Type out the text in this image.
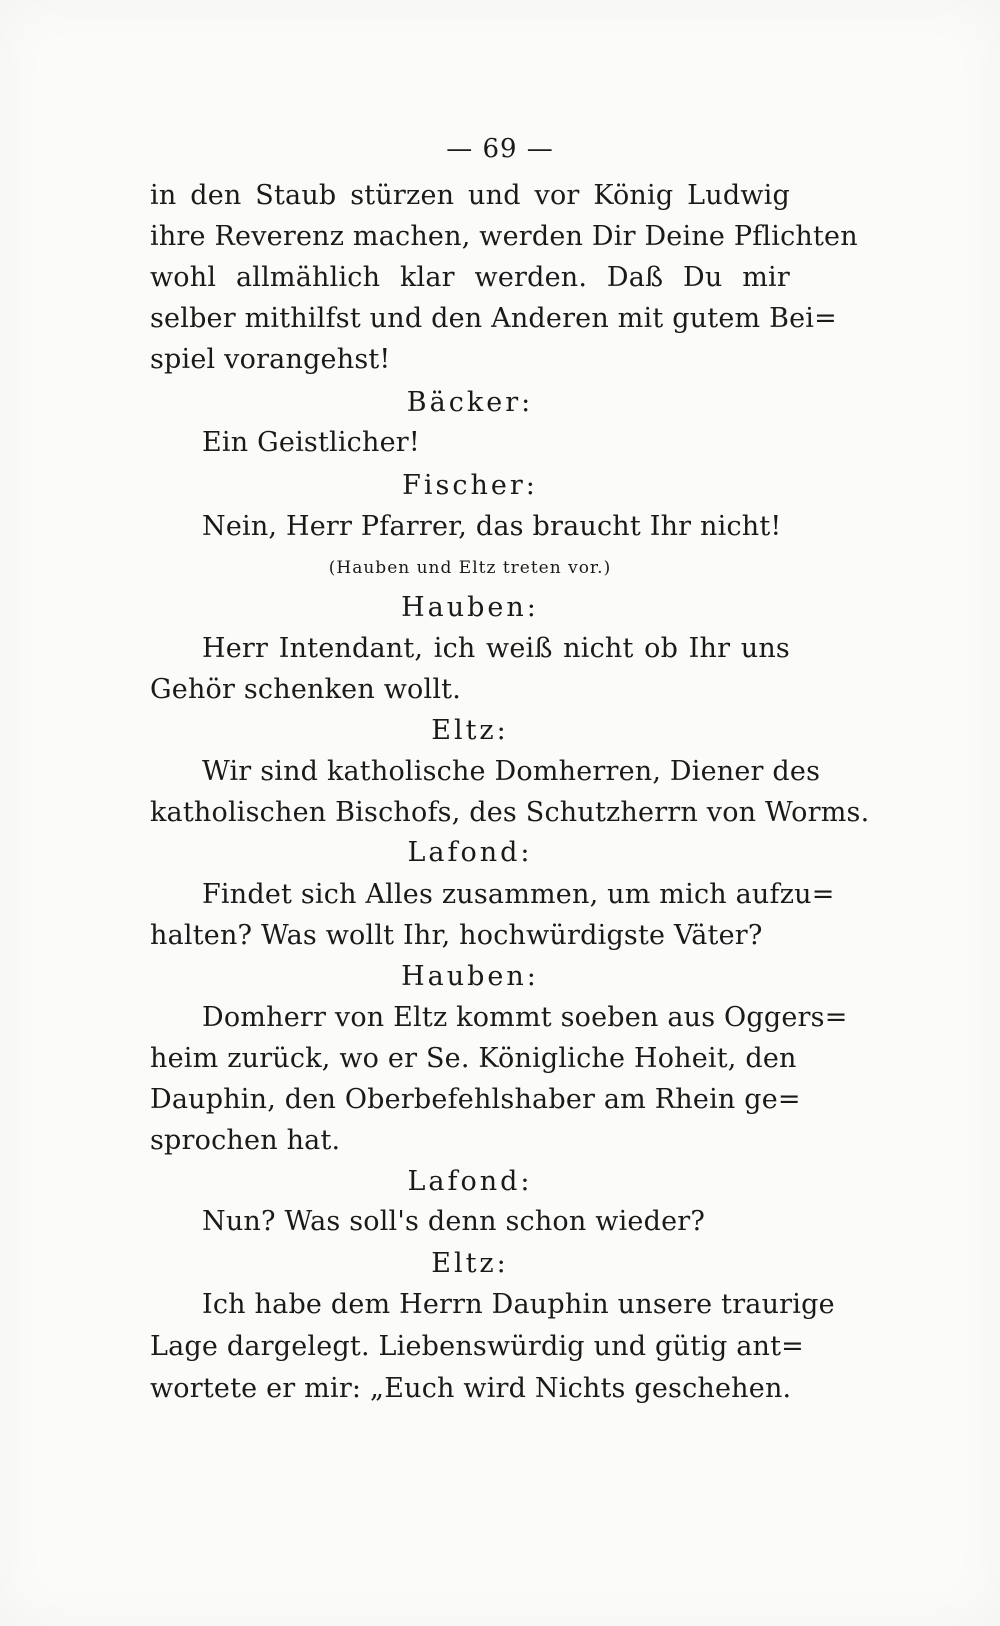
— 69 —
in den Staub stürzen und vor König Ludwig
ihre Reverenz machen, werden Dir Deine Pflichten
wohl allmählich klar werden. Daß Du mir
selber mithilfst und den Anderen mit gutem Bei=
spiel vorangehst!
Bäcker:
Ein Geistlicher!
Fischer:
Nein, Herr Pfarrer, das braucht Ihr nicht!
(Hauben und Eltz treten vor.)
Hauben:
Herr Intendant, ich weiß nicht ob Ihr uns
Gehör schenken wollt.
Eltz:
Wir sind katholische Domherren, Diener des
katholischen Bischofs, des Schutzherrn von Worms.
Lafond:
Findet sich Alles zusammen, um mich aufzu=
halten? Was wollt Ihr, hochwürdigste Väter?
Hauben:
Domherr von Eltz kommt soeben aus Oggers=
heim zurück, wo er Se. Königliche Hoheit, den
Dauphin, den Oberbefehlshaber am Rhein ge=
sprochen hat.
Lafond:
Nun? Was soll's denn schon wieder?
Eltz:
Ich habe dem Herrn Dauphin unsere traurige
Lage dargelegt. Liebenswürdig und gütig ant=
wortete er mir: „Euch wird Nichts geschehen.
